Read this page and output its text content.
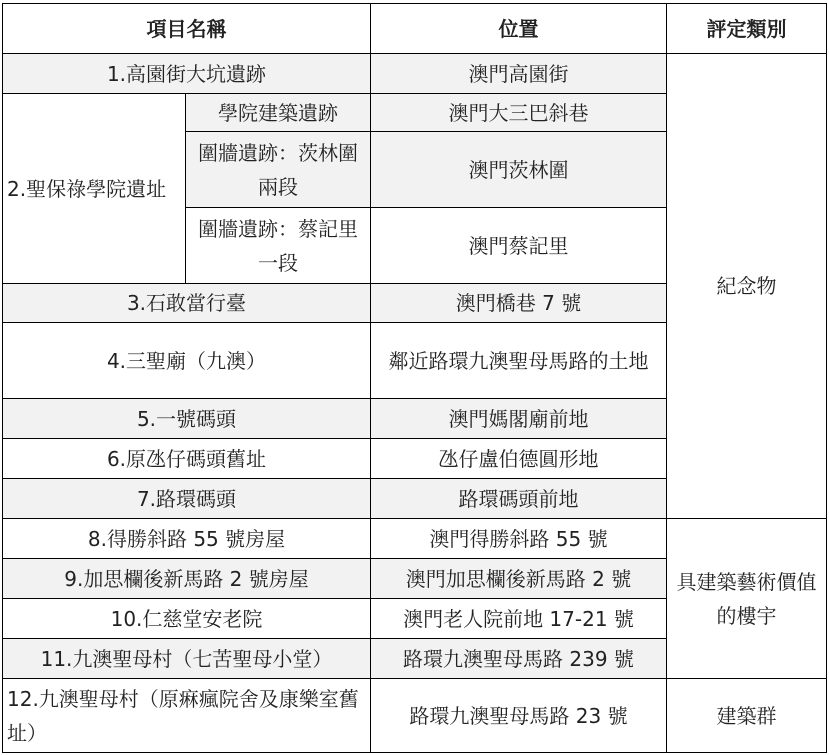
項目名稱		位置	評定類別
1.高園街大坑遺跡		澳門高園街	紀念物
2.聖保祿學院遺址	學院建築遺跡	澳門大三巴斜巷	
	圍牆遺跡：茨林圍兩段	澳門茨林圍	
	圍牆遺跡：蔡記里一段	澳門蔡記里	
3.石敢當行臺		澳門橋巷 7 號	
4.三聖廟（九澳）		鄰近路環九澳聖母馬路的土地	
5.一號碼頭		澳門媽閣廟前地	
6.原氹仔碼頭舊址		氹仔盧伯德圓形地	
7.路環碼頭		路環碼頭前地	
8.得勝斜路 55 號房屋		澳門得勝斜路 55 號	具建築藝術價值的樓宇
9.加思欄後新馬路 2 號房屋		澳門加思欄後新馬路 2 號	
10.仁慈堂安老院		澳門老人院前地 17-21 號	
11.九澳聖母村（七苦聖母小堂）		路環九澳聖母馬路 239 號	
12.九澳聖母村（原痳瘋院舍及康樂室舊址）		路環九澳聖母馬路 23 號	建築群
